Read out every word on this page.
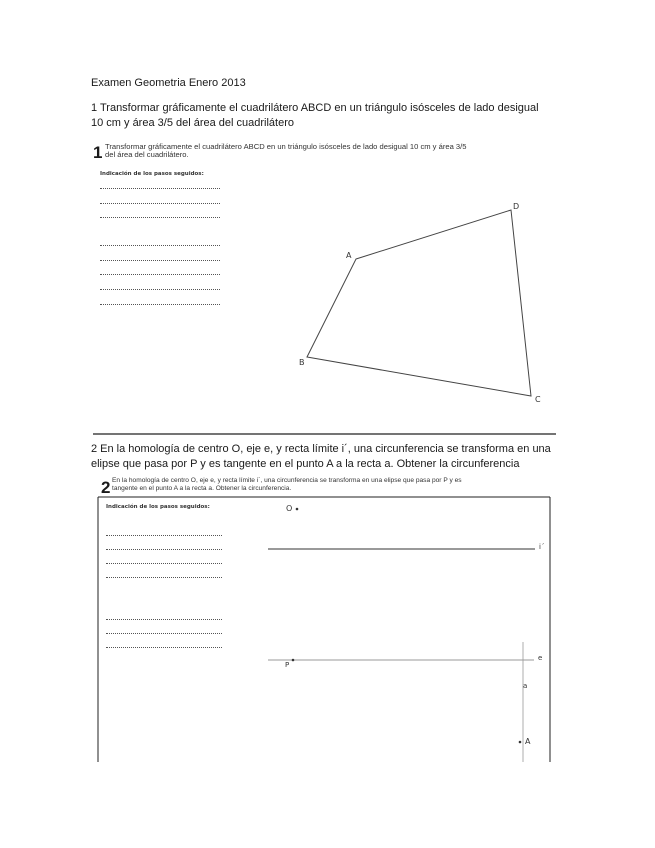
Examen Geometria Enero 2013
1 Transformar gráficamente el cuadrilátero ABCD en un triángulo isósceles de lado desigual
10 cm y área 3/5 del área del cuadrilátero
1 Transformar gráficamente el cuadrilátero ABCD en un triángulo isósceles de lado desigual 10 cm y área 3/5
del área del cuadrilátero.
Indicación de los pasos seguidos:
A
D
C
B
2 En la homología de centro O, eje e, y recta límite i´, una circunferencia se transforma en una
elipse que pasa por P y es tangente en el punto A a la recta a. Obtener la circunferencia
2 En la homología de centro O, eje e, y recta límite i´, una circunferencia se transforma en una elipse que pasa por P y es
tangente en el punto A a la recta a. Obtener la circunferencia.
Indicación de los pasos seguidos:	O
i´
e
P
a
A
